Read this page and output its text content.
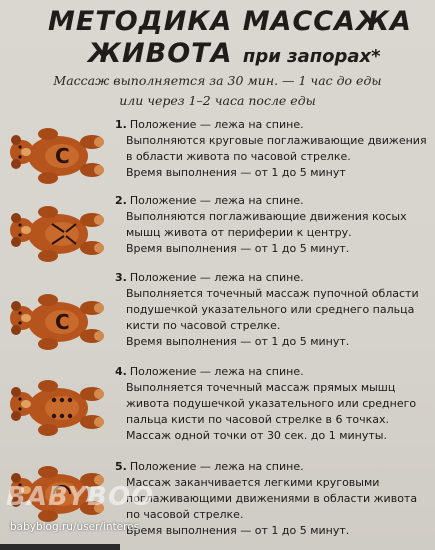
МЕТОДИКА МАССАЖА
ЖИВОТА при запорах*
Массаж выполняется за 30 мин. — 1 час до еды
или через 1–2 часа после еды
C
C
1. Положение — лежа на спине.
Выполняются круговые поглаживающие движения
в области живота по часовой стрелке.
Время выполнения — от 1 до 5 минут
2. Положение — лежа на спине.
Выполняются поглаживающие движения косых
мышц живота от периферии к центру.
Время выполнения — от 1 до 5 минут.
3. Положение — лежа на спине.
Выполняется точечный массаж пупочной области
подушечкой указательного или среднего пальца
кисти по часовой стрелке.
Время выполнения — от 1 до 5 минут.
4. Положение — лежа на спине.
Выполняется точечный массаж прямых мышц
живота подушечкой указательного или среднего
пальца кисти по часовой стрелке в 6 точках.
Массаж одной точки от 30 сек. до 1 минуты.
5. Положение — лежа на спине.
Массаж заканчивается легкими круговыми
поглаживающими движениями в области живота
по часовой стрелке.
Время выполнения — от 1 до 5 минут.
BABYBOO
babyblog.ru/user/interes
